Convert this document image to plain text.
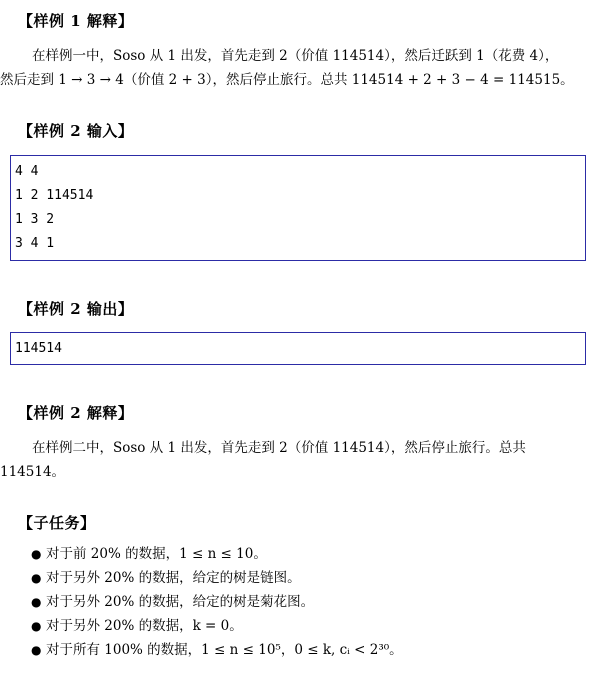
【样例 1 解释】
在样例一中，Soso 从 1 出发，首先走到 2（价值 114514），然后迁跃到 1（花费 4），
然后走到 1 → 3 → 4（价值 2 + 3），然后停止旅行。总共 114514 + 2 + 3 − 4 = 114515。
【样例 2 输入】
4 4
1 2 114514
1 3 2
3 4 1
【样例 2 输出】
114514
【样例 2 解释】
在样例二中，Soso 从 1 出发，首先走到 2（价值 114514），然后停止旅行。总共
114514。
【子任务】
● 对于前 20% 的数据，1 ≤ n ≤ 10。
● 对于另外 20% 的数据，给定的树是链图。
● 对于另外 20% 的数据，给定的树是菊花图。
● 对于另外 20% 的数据，k = 0。
● 对于所有 100% 的数据，1 ≤ n ≤ 10⁵，0 ≤ k, cᵢ < 2³⁰。
